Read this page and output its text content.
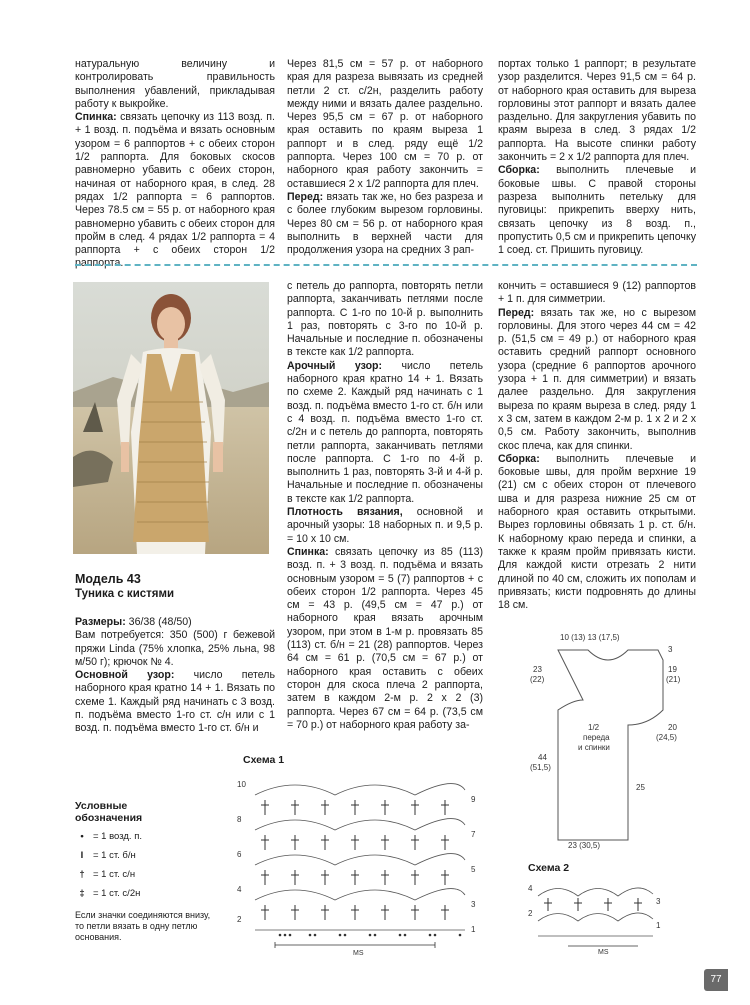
натуральную величину и контролировать правильность выполнения убавлений, прикладывая работу к выкройке.

Спинка: связать цепочку из 113 возд. п. + 1 возд. п. подъёма и вязать основным узором = 6 раппортов + с обеих сторон 1/2 раппорта. Для боковых скосов равномерно убавить с обеих сторон, начиная от наборного края, в след. 28 рядах 1/2 раппорта = 6 раппортов. Через 78.5 см = 55 р. от наборного края равномерно убавить с обеих сторон для пройм в след. 4 рядах 1/2 раппорта = 4 раппорта + с обеих сторон 1/2 раппорта.

Через 81,5 см = 57 р. от наборного края для разреза вывязать из средней петли 2 ст. с/2н, разделить работу между ними и вязать далее раздельно. Через 95,5 см = 67 р. от наборного края оставить по краям выреза 1 раппорт и в след. ряду ещё 1/2 раппорта. Через 100 см = 70 р. от наборного края работу закончить = оставшиеся 2 х 1/2 раппорта для плеч.

Перед: вязать так же, но без разреза и с более глубоким вырезом горловины. Через 80 см = 56 р. от наборного края выполнить в верхней части для продолжения узора на средних 3 рап-

портах только 1 раппорт; в результате узор разделится. Через 91,5 см = 64 р. от наборного края оставить для выреза горловины этот раппорт и вязать далее раздельно. Для закругления убавить по краям выреза в след. 3 рядах 1/2 раппорта. На высоте спинки работу закончить = 2 х 1/2 раппорта для плеч.

Сборка: выполнить плечевые и боковые швы. С правой стороны разреза выполнить петельку для пуговицы: прикрепить вверху нить, связать цепочку из 8 возд. п., пропустить 0,5 см и прикрепить цепочку 1 соед. ст. Пришить пуговицу.

Модель 43
Туника с кистями

Размеры: 36/38 (48/50)

Вам потребуется: 350 (500) г бежевой пряжи Linda (75% хлопка, 25% льна, 98 м/50 г); крючок № 4.

Основной узор: число петель наборного края кратно 14 + 1. Вязать по схеме 1. Каждый ряд начинать с 3 возд. п. подъёма вместо 1-го ст. с/н или с 1 возд. п. подъёма вместо 1-го ст. б/н и

с петель до раппорта, повторять петли раппорта, заканчивать петлями после раппорта. С 1-го по 10-й р. выполнить 1 раз, повторять с 3-го по 10-й р. Начальные и последние п. обозначены в тексте как 1/2 раппорта.

Арочный узор: число петель наборного края кратно 14 + 1. Вязать по схеме 2. Каждый ряд начинать с 1 возд. п. подъёма вместо 1-го ст. б/н или с 4 возд. п. подъёма вместо 1-го ст. с/2н и с петель до раппорта, повторять петли раппорта, заканчивать петлями после раппорта. С 1-го по 4-й р. выполнить 1 раз, повторять 3-й и 4-й р. Начальные и последние п. обозначены в тексте как 1/2 раппорта.

Плотность вязания, основной и арочный узоры: 18 наборных п. и 9,5 р. = 10 х 10 см.

Спинка: связать цепочку из 85 (113) возд. п. + 3 возд. п. подъёма и вязать основным узором = 5 (7) раппортов + с обеих сторон 1/2 раппорта. Через 45 см = 43 р. (49,5 см = 47 р.) от наборного края вязать арочным узором, при этом в 1-м р. провязать 85 (113) ст. б/н = 21 (28) раппортов. Через 64 см = 61 р. (70,5 см = 67 р.) от наборного края оставить с обеих сторон для скоса плеча 2 раппорта, затем в каждом 2-м р. 2 х 2 (3) раппорта. Через 67 см = 64 р. (73,5 см = 70 р.) от наборного края работу за-

кончить = оставшиеся 9 (12) раппортов + 1 п. для симметрии.

Перед: вязать так же, но с вырезом горловины. Для этого через 44 см = 42 р. (51,5 см = 49 р.) от наборного края оставить средний раппорт основного узора (средние 6 раппортов арочного узора + 1 п. для симметрии) и вязать далее раздельно. Для закругления выреза по краям выреза в след. ряду 1 х 3 см, затем в каждом 2-м р. 1 х 2 и 2 х 0,5 см. Работу закончить, выполнив скос плеча, как для спинки.

Сборка: выполнить плечевые и боковые швы, для пройм верхние 19 (21) см с обеих сторон от плечевого шва и для разреза нижние 25 см от наборного края оставить открытыми. Вырез горловины обвязать 1 р. ст. б/н. К наборному краю переда и спинки, а также к краям пройм привязать кисти. Для каждой кисти отрезать 2 нити длиной по 40 см, сложить их пополам и привязать; кисти подровнять до длины 18 см.

Условные
обозначения
• = 1 возд. п.
I	= 1 ст. б/н
† = 1 ст. с/н
‡ = 1 ст. с/2н
Если значки соединяются внизу, то петли вязать в одну петлю основания.
Схема 1
9
7
5
3
1
10
8
6
4
2
MS
10 (13) 13 (17,5)
3
23
(22)
19
(21)
20
(24,5)
1/2
переда
и спинки
44
(51,5)
25
23 (30,5)
Схема 2
4
2
3
1
MS
77
